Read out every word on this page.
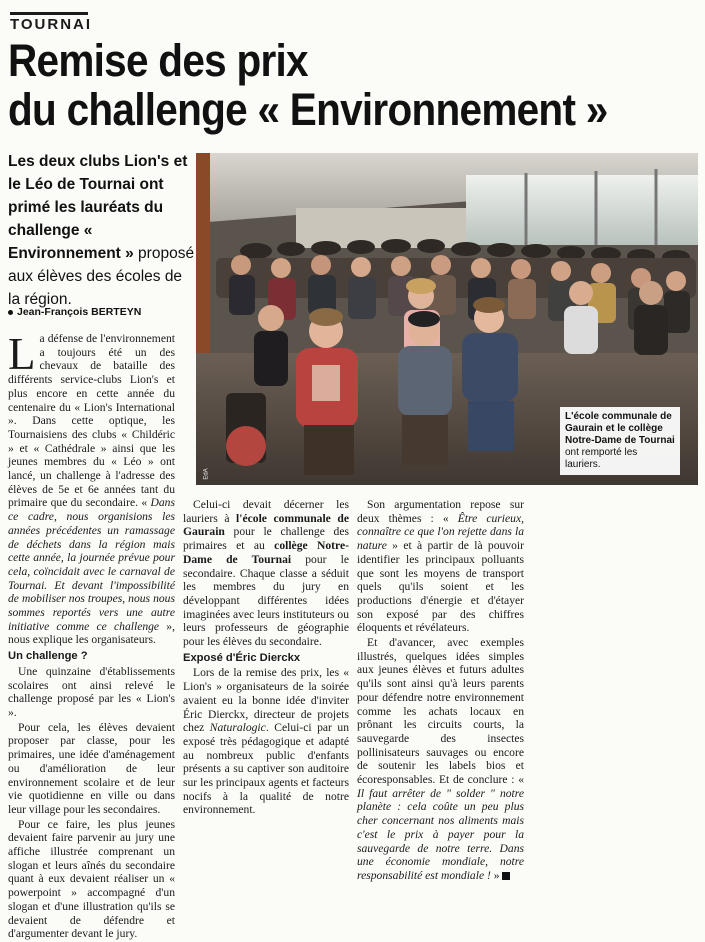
TOURNAI
Remise des prix
du challenge « Environnement »
Les deux clubs Lion's et le Léo de Tournai ont primé les lauréats du challenge « Environnement » proposé aux élèves des écoles de la région.
Jean-François BERTEYN
EdA
L'école communale de Gaurain et le collège Notre-Dame de Tournai ont remporté les lauriers.

La défense de l'environnement a toujours été un des chevaux de bataille des différents service-clubs Lion's et plus encore en cette année du centenaire du « Lion's International ». Dans cette optique, les Tournaisiens des clubs « Childéric » et « Cathédrale » ainsi que les jeunes membres du « Léo » ont lancé, un challenge à l'adresse des élèves de 5e et 6e années tant du primaire que du secondaire. « Dans ce cadre, nous organisions les années précédentes un ramassage de déchets dans la région mais cette année, la journée prévue pour cela, coïncidait avec le carnaval de Tournai. Et devant l'impossibilité de mobiliser nos troupes, nous nous sommes reportés vers une autre initiative comme ce challenge », nous explique les organisateurs.

Un challenge ?

Une quinzaine d'établissements scolaires ont ainsi relevé le challenge proposé par les « Lion's ».

Pour cela, les élèves devaient proposer par classe, pour les primaires, une idée d'aménagement ou d'amélioration de leur environnement scolaire et de leur vie quotidienne en ville ou dans leur village pour les secondaires.

Pour ce faire, les plus jeunes devaient faire parvenir au jury une affiche illustrée comprenant un slogan et leurs aînés du secondaire quant à eux devaient réaliser un « powerpoint » accompagné d'un slogan et d'une illustration qu'ils se devaient de défendre et d'argumenter devant le jury.

Celui-ci devait décerner les lauriers à l'école communale de Gaurain pour le challenge des primaires et au collège Notre-Dame de Tournai pour le secondaire. Chaque classe a séduit les membres du jury en développant différentes idées imaginées avec leurs instituteurs ou leurs professeurs de géographie pour les élèves du secondaire.

Exposé d'Éric Dierckx

Lors de la remise des prix, les « Lion's » organisateurs de la soirée avaient eu la bonne idée d'inviter Éric Dierckx, directeur de projets chez Naturalogic. Celui-ci par un exposé très pédagogique et adapté au nombreux public d'enfants présents a su captiver son auditoire sur les principaux agents et facteurs nocifs à la qualité de notre environnement.

Son argumentation repose sur deux thèmes : « Être curieux, connaître ce que l'on rejette dans la nature » et à partir de là pouvoir identifier les principaux polluants que sont les moyens de transport quels qu'ils soient et les productions d'énergie et d'étayer son exposé par des chiffres éloquents et révélateurs.

Et d'avancer, avec exemples illustrés, quelques idées simples aux jeunes élèves et futurs adultes qu'ils sont ainsi qu'à leurs parents pour défendre notre environnement comme les achats locaux en prônant les circuits courts, la sauvegarde des insectes pollinisateurs sauvages ou encore de soutenir les labels bios et écoresponsables. Et de conclure : « Il faut arrêter de " solder " notre planète : cela coûte un peu plus cher concernant nos aliments mais c'est le prix à payer pour la sauvegarde de notre terre. Dans une économie mondiale, notre responsabilité est mondiale ! »
